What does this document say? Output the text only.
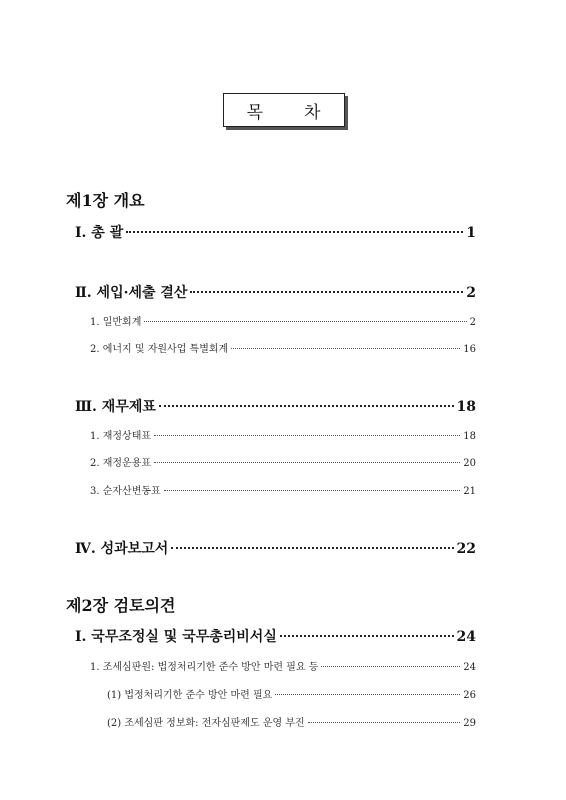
목 차
제1장 개요
Ⅰ. 총 괄	1
Ⅱ. 세입·세출 결산	2
1. 일반회계	2
2. 에너지 및 자원사업 특별회계	16
Ⅲ. 재무제표	18
1. 재정상태표	18
2. 재정운용표	20
3. 순자산변동표	21
Ⅳ. 성과보고서	22
제2장 검토의견
Ⅰ. 국무조정실 및 국무총리비서실	24
1. 조세심판원: 법정처리기한 준수 방안 마련 필요 등	24
(1) 법정처리기한 준수 방안 마련 필요	26
(2) 조세심판 정보화: 전자심판제도 운영 부진	29
